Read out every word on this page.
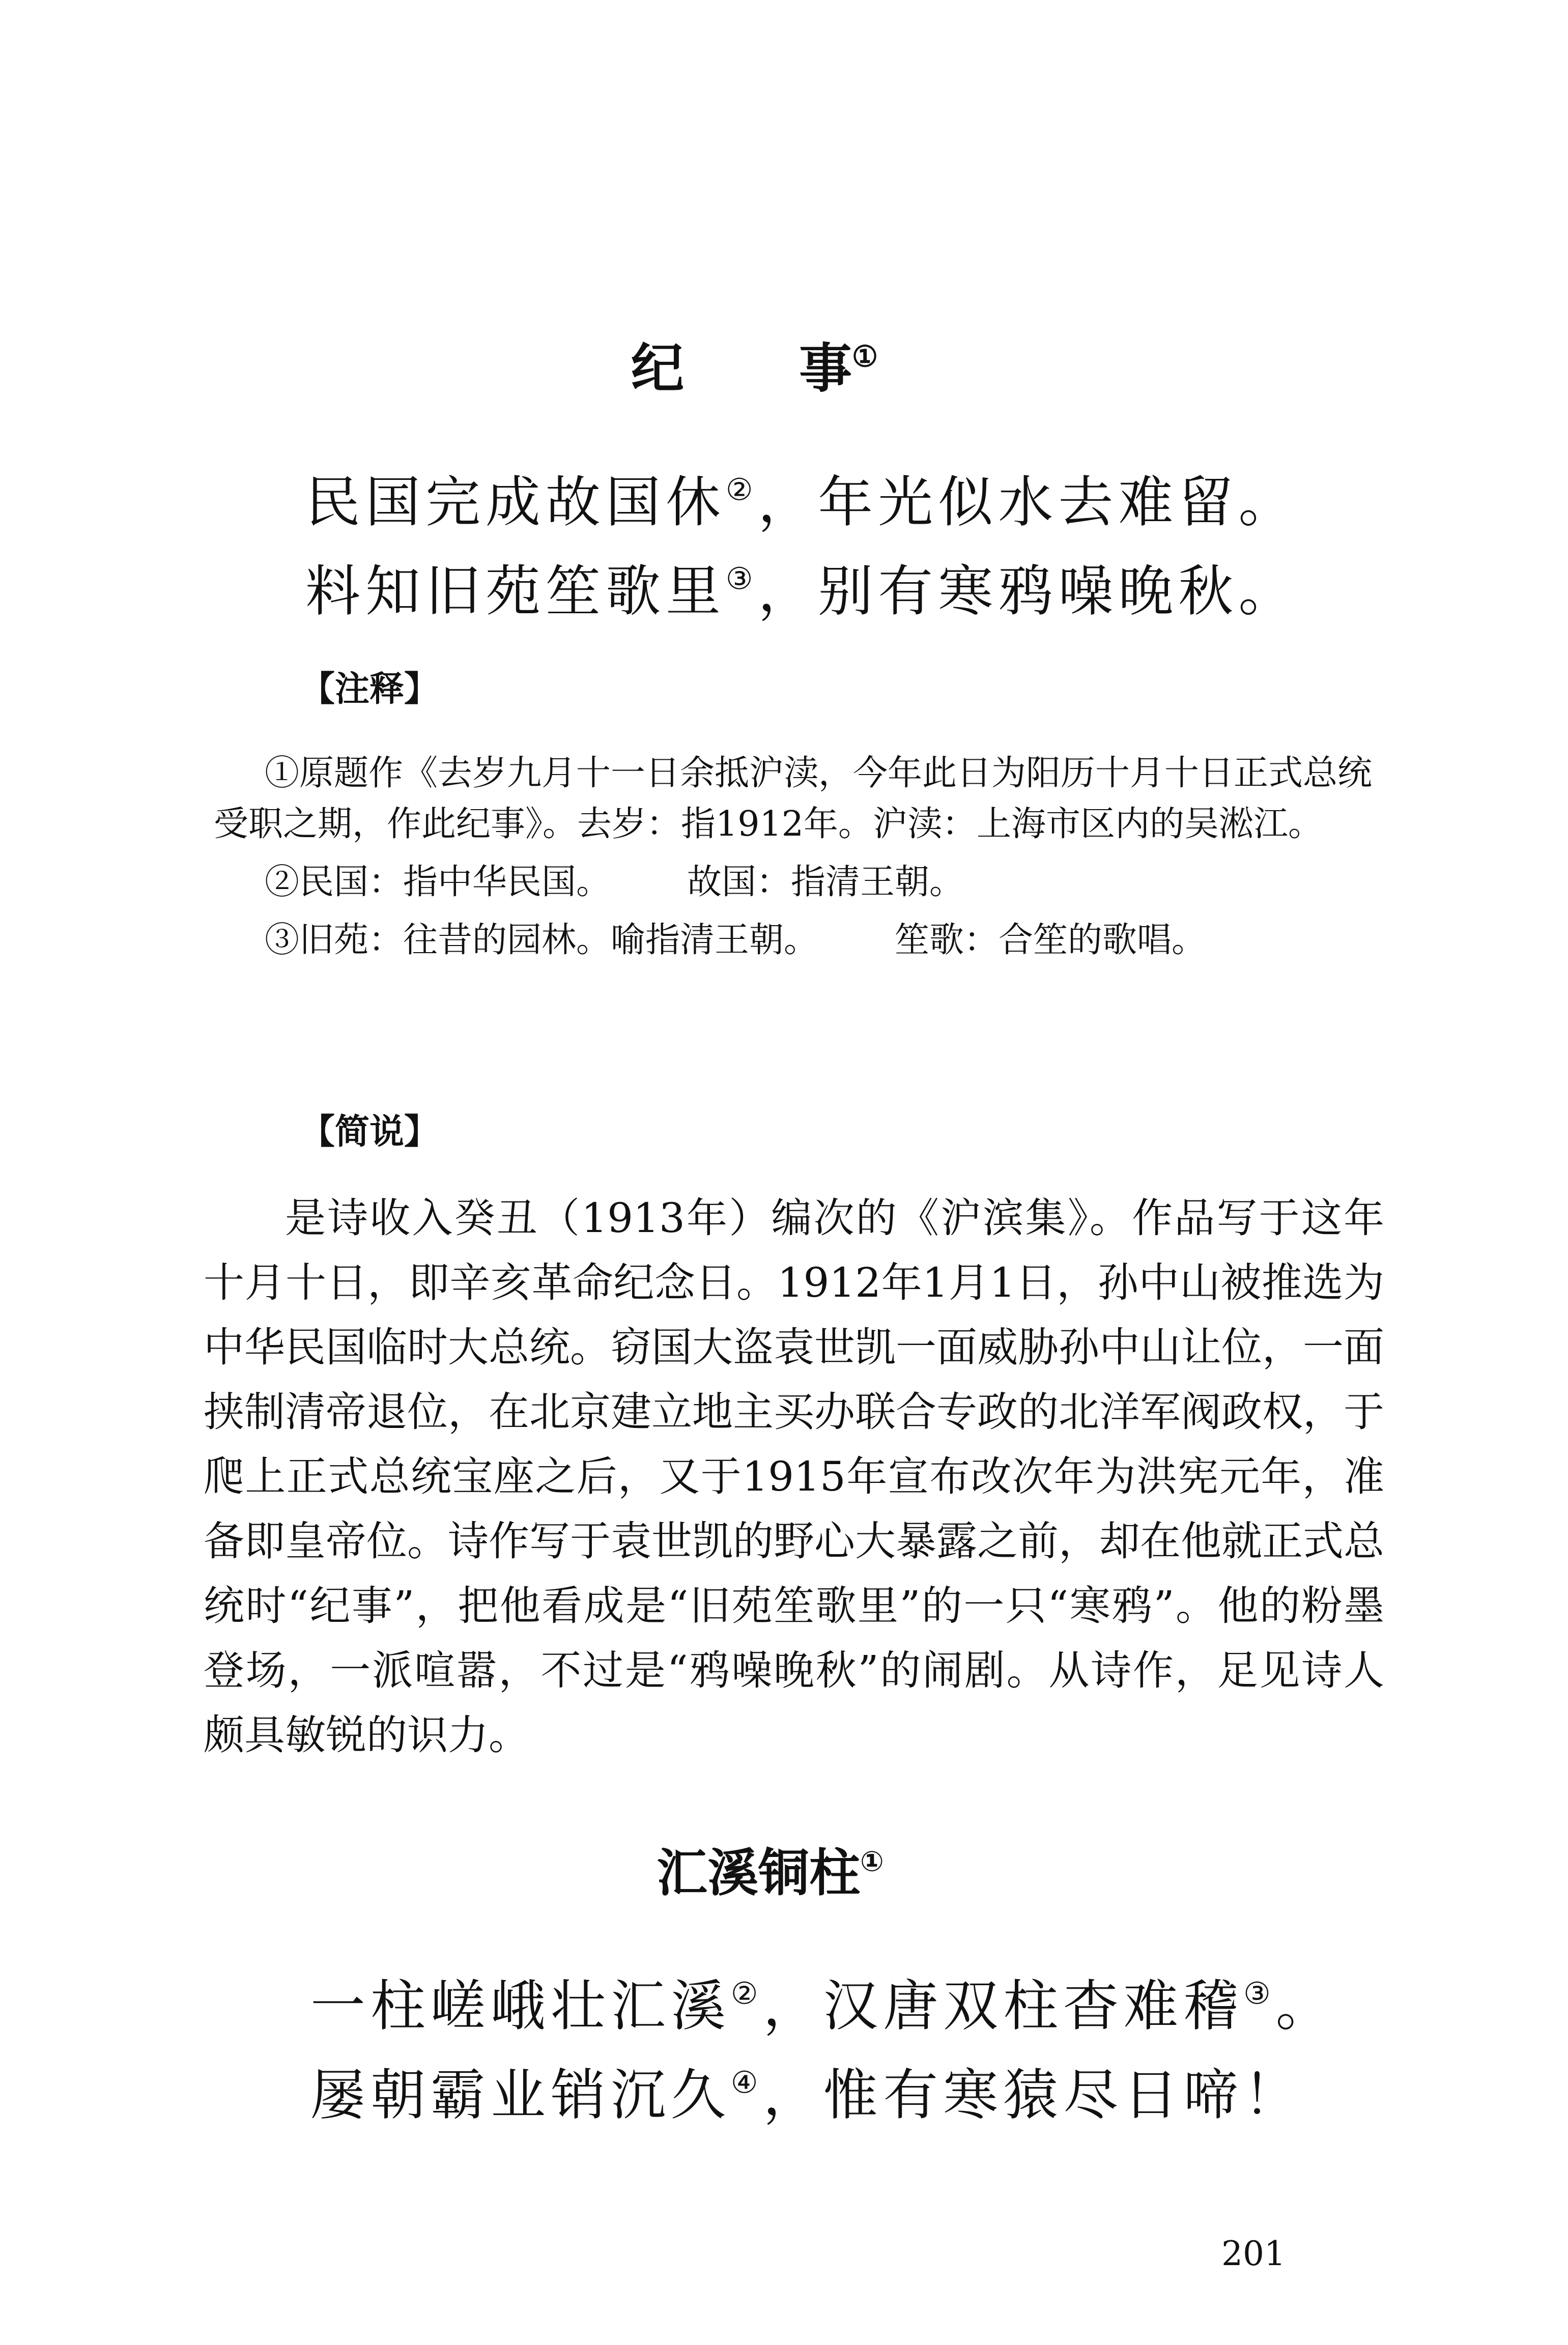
纪 事①
民国完成故国休②，年光似水去难留。
料知旧苑笙歌里③，别有寒鸦噪晚秋。
【注释】

①原题作《去岁九月十一日余抵沪渎，今年此日为阳历十月十日正式总统受职之期，作此纪事》。去岁：指1912年。沪渎：上海市区内的吴淞江。

②民国：指中华民国。 故国：指清王朝。

③旧苑：往昔的园林。喻指清王朝。 笙歌：合笙的歌唱。

【简说】

是诗收入癸丑（1913年）编次的《沪滨集》。作品写于这年十月十日，即辛亥革命纪念日。1912年1月1日，孙中山被推选为中华民国临时大总统。窃国大盗袁世凯一面威胁孙中山让位，一面挟制清帝退位，在北京建立地主买办联合专政的北洋军阀政权，于爬上正式总统宝座之后，又于1915年宣布改次年为洪宪元年，准备即皇帝位。诗作写于袁世凯的野心大暴露之前，却在他就正式总统时“纪事”，把他看成是“旧苑笙歌里”的一只“寒鸦”。他的粉墨登场，一派喧嚣，不过是“鸦噪晚秋”的闹剧。从诗作，足见诗人颇具敏锐的识力。

汇溪铜柱①
一柱嵯峨壮汇溪②，汉唐双柱杳难稽③。
屡朝霸业销沉久④，惟有寒猿尽日啼！
201
